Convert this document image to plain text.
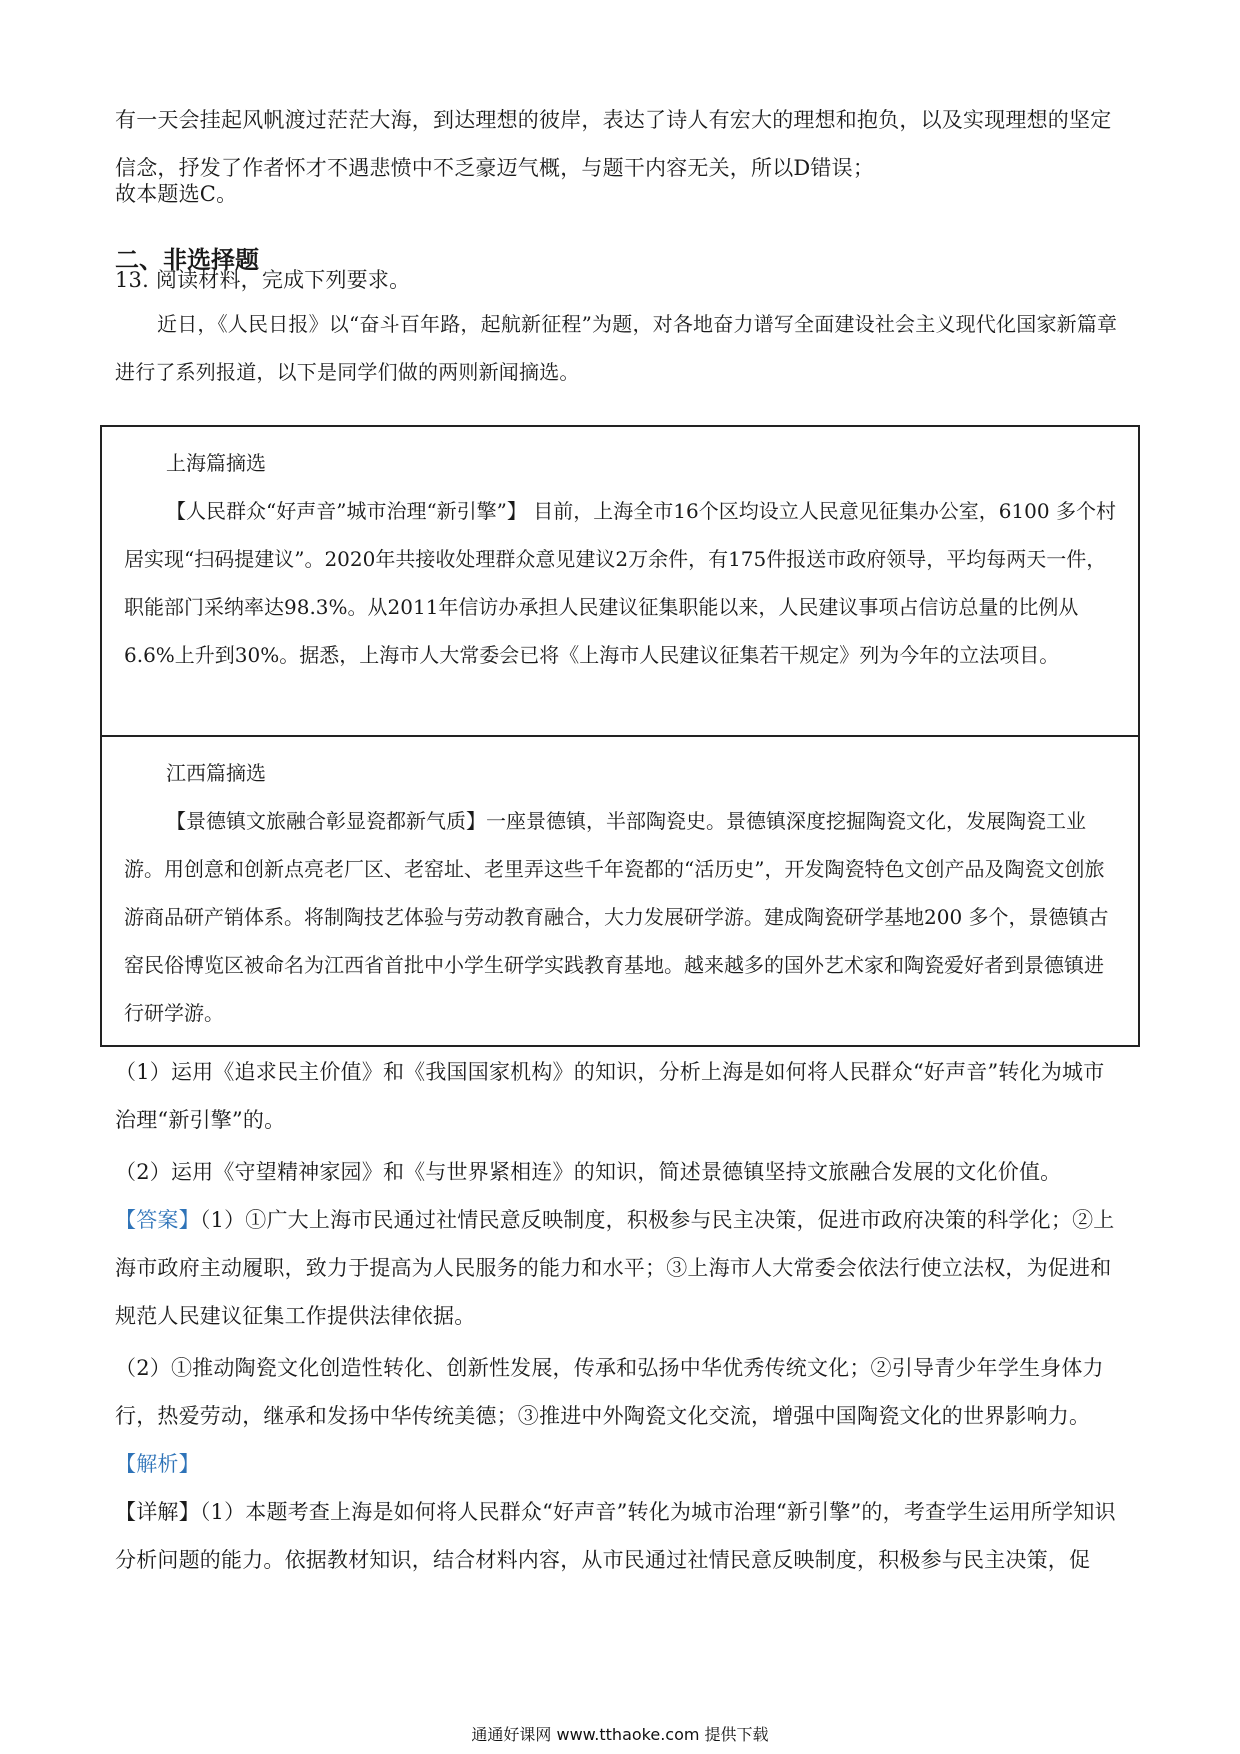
有一天会挂起风帆渡过茫茫大海，到达理想的彼岸，表达了诗人有宏大的理想和抱负，以及实现理想的坚定信念，抒发了作者怀才不遇悲愤中不乏豪迈气概，与题干内容无关，所以D错误；

故本题选C。

二、非选择题

13. 阅读材料，完成下列要求。

近日，《人民日报》以“奋斗百年路，起航新征程”为题，对各地奋力谱写全面建设社会主义现代化国家新篇章进行了系列报道，以下是同学们做的两则新闻摘选。

上海篇摘选
【人民群众“好声音”城市治理“新引擎”】 目前，上海全市16个区均设立人民意见征集办公室，6100 多个村居实现“扫码提建议”。2020年共接收处理群众意见建议2万余件，有175件报送市政府领导，平均每两天一件，职能部门采纳率达98.3%。从2011年信访办承担人民建议征集职能以来，人民建议事项占信访总量的比例从6.6%上升到30%。据悉，上海市人大常委会已将《上海市人民建议征集若干规定》列为今年的立法项目。
江西篇摘选
【景德镇文旅融合彰显瓷都新气质】一座景德镇，半部陶瓷史。景德镇深度挖掘陶瓷文化，发展陶瓷工业游。用创意和创新点亮老厂区、老窑址、老里弄这些千年瓷都的“活历史”，开发陶瓷特色文创产品及陶瓷文创旅游商品研产销体系。将制陶技艺体验与劳动教育融合，大力发展研学游。建成陶瓷研学基地200 多个，景德镇古窑民俗博览区被命名为江西省首批中小学生研学实践教育基地。越来越多的国外艺术家和陶瓷爱好者到景德镇进行研学游。

（1）运用《追求民主价值》和《我国国家机构》的知识，分析上海是如何将人民群众“好声音”转化为城市治理“新引擎”的。

（2）运用《守望精神家园》和《与世界紧相连》的知识，简述景德镇坚持文旅融合发展的文化价值。

【答案】（1）①广大上海市民通过社情民意反映制度，积极参与民主决策，促进市政府决策的科学化；②上海市政府主动履职，致力于提高为人民服务的能力和水平；③上海市人大常委会依法行使立法权，为促进和规范人民建议征集工作提供法律依据。

（2）①推动陶瓷文化创造性转化、创新性发展，传承和弘扬中华优秀传统文化；②引导青少年学生身体力行，热爱劳动，继承和发扬中华传统美德；③推进中外陶瓷文化交流，增强中国陶瓷文化的世界影响力。

【解析】

【详解】（1）本题考查上海是如何将人民群众“好声音”转化为城市治理“新引擎”的，考查学生运用所学知识分析问题的能力。依据教材知识，结合材料内容，从市民通过社情民意反映制度，积极参与民主决策，促

通通好课网 www.tthaoke.com 提供下载
